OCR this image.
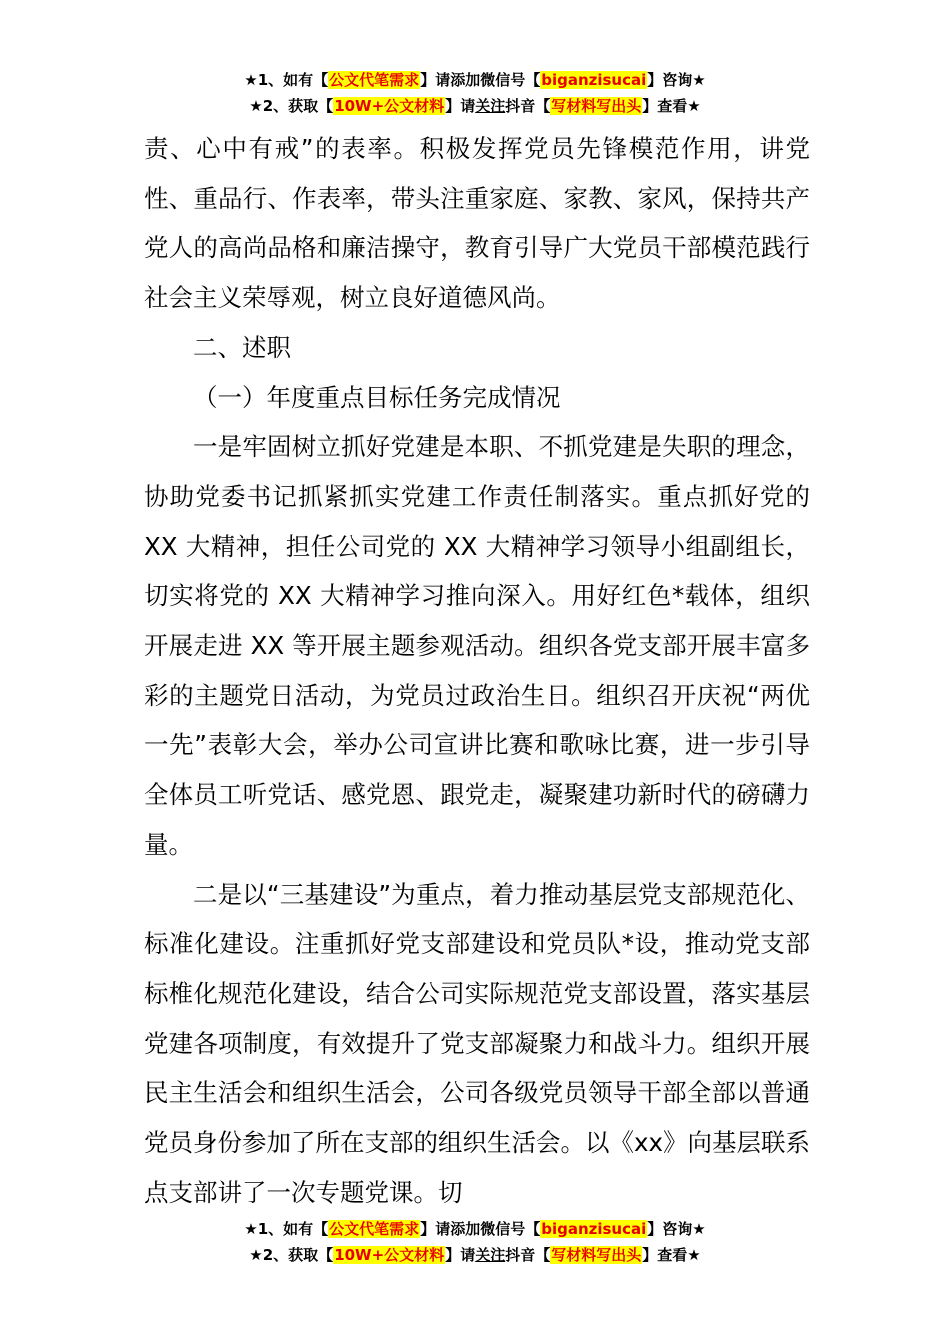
★1、如有【公文代笔需求】请添加微信号【biganzisucai】咨询★
★2、获取【10W+公文材料】请关注抖音【写材料写出头】查看★

责、心中有戒”的表率。积极发挥党员先锋模范作用，讲党性、重品行、作表率，带头注重家庭、家教、家风，保持共产党人的高尚品格和廉洁操守，教育引导广大党员干部模范践行社会主义荣辱观，树立良好道德风尚。

二、述职

（一）年度重点目标任务完成情况

一是牢固树立抓好党建是本职、不抓党建是失职的理念，协助党委书记抓紧抓实党建工作责任制落实。重点抓好党的 XX 大精神，担任公司党的 XX 大精神学习领导小组副组长，切实将党的 XX 大精神学习推向深入。用好红色*载体，组织开展走进 XX 等开展主题参观活动。组织各党支部开展丰富多彩的主题党日活动，为党员过政治生日。组织召开庆祝“两优一先”表彰大会，举办公司宣讲比赛和歌咏比赛，进一步引导全体员工听党话、感党恩、跟党走，凝聚建功新时代的磅礴力量。

二是以“三基建设”为重点，着力推动基层党支部规范化、标准化建设。注重抓好党支部建设和党员队*设，推动党支部标椎化规范化建设，结合公司实际规范党支部设置，落实基层党建各项制度，有效提升了党支部凝聚力和战斗力。组织开展民主生活会和组织生活会，公司各级党员领导干部全部以普通党员身份参加了所在支部的组织生活会。以《xx》向基层联系点支部讲了一次专题党课。切

★1、如有【公文代笔需求】请添加微信号【biganzisucai】咨询★
★2、获取【10W+公文材料】请关注抖音【写材料写出头】查看★
